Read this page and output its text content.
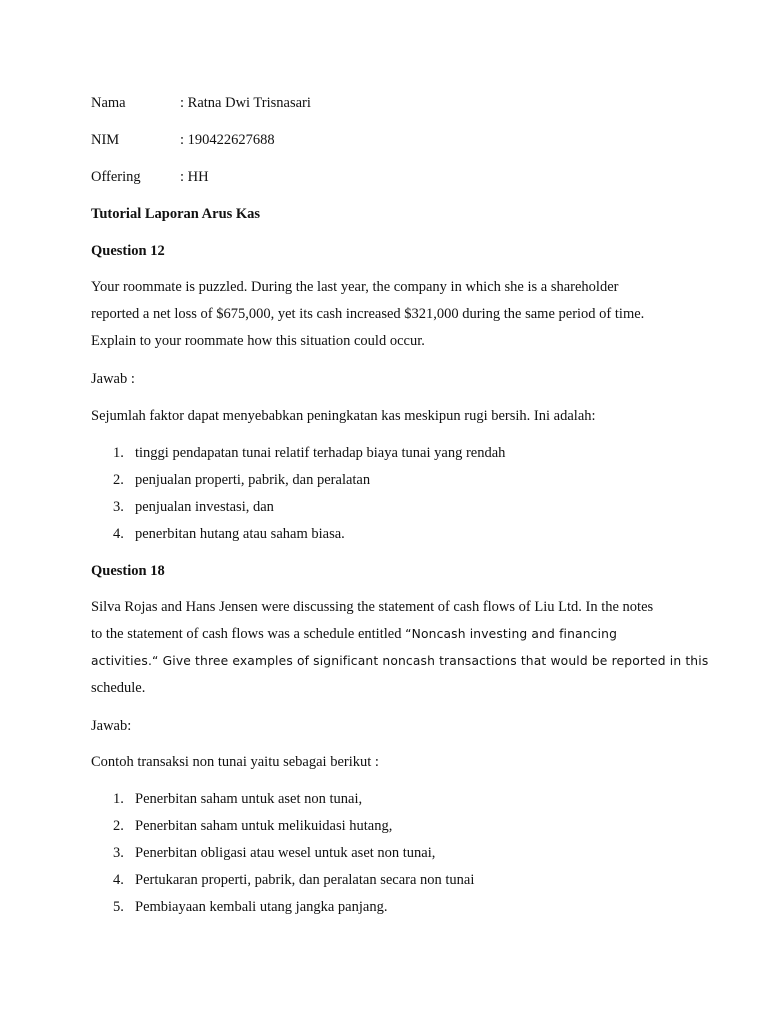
Nama	: Ratna Dwi Trisnasari
NIM	: 190422627688
Offering	: HH
Tutorial Laporan Arus Kas
Question 12
Your roommate is puzzled. During the last year, the company in which she is a shareholder
reported a net loss of $675,000, yet its cash increased $321,000 during the same period of time.
Explain to your roommate how this situation could occur.
Jawab :
Sejumlah faktor dapat menyebabkan peningkatan kas meskipun rugi bersih. Ini adalah:
1. tinggi pendapatan tunai relatif terhadap biaya tunai yang rendah
2. penjualan properti, pabrik, dan peralatan
3. penjualan investasi, dan
4. penerbitan hutang atau saham biasa.
Question 18
Silva Rojas and Hans Jensen were discussing the statement of cash flows of Liu Ltd. In the notes
to the statement of cash flows was a schedule entitled “Noncash investing and financing
activities.“ Give three examples of significant noncash transactions that would be reported in this
schedule.
Jawab:
Contoh transaksi non tunai yaitu sebagai berikut :
1. Penerbitan saham untuk aset non tunai,
2. Penerbitan saham untuk melikuidasi hutang,
3. Penerbitan obligasi atau wesel untuk aset non tunai,
4. Pertukaran properti, pabrik, dan peralatan secara non tunai
5. Pembiayaan kembali utang jangka panjang.
